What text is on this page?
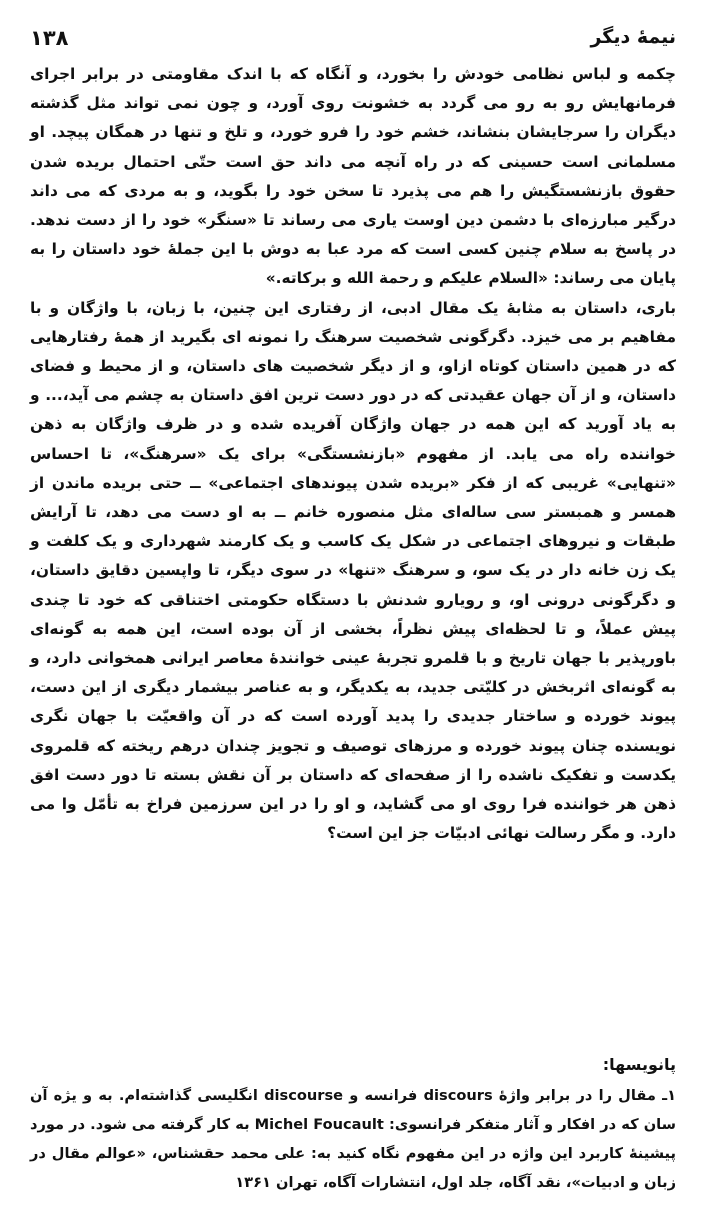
۱۳۸	نیمهٔ دیگر

چکمه و لباس نظامی خودش را بخورد، و آنگاه که با اندک مقاومتی در برابر اجرای فرمانهایش رو به رو می گردد به خشونت روی آورد، و چون نمی تواند مثل گذشته دیگران را سرجایشان بنشاند، خشم خود را فرو خورد، و تلخ و تنها در همگان پیچد. او مسلمانی است حسینی که در راه آنچه می داند حق است حتّی احتمال بریده شدن حقوق بازنشستگیش را هم می پذیرد تا سخن خود را بگوید، و به مردی که می داند درگیر مبارزه‌ای با دشمن دین اوست یاری می رساند تا «سنگر» خود را از دست ندهد. در پاسخ به سلام چنین کسی است که مرد عبا به دوش با این جملهٔ خود داستان را به پایان می رساند: «السلام علیکم و رحمة الله و برکاته.»

باری، داستان به مثابهٔ یک مقال ادبی، از رفتاری این چنین، با زبان، با واژگان و با مفاهیم بر می خیزد. دگرگونی شخصیت سرهنگ را نمونه ای بگیرید از همهٔ رفتارهایی که در همین داستان کوتاه ازاو، و از دیگر شخصیت های داستان، و از محیط و فضای داستان، و از آن جهان عقیدتی که در دور دست ترین افق داستان به چشم می آید،... و به یاد آورید که این همه در جهان واژگان آفریده شده و در ظرف واژگان به ذهن خواننده راه می یابد. از مفهوم «بازنشستگی» برای یک «سرهنگ»، تا احساس «تنهایی» غریبی که از فکر «بریده شدن پیوندهای اجتماعی» ــ حتی بریده ماندن از همسر و همبستر سی ساله‌ای مثل منصوره خانم ــ به او دست می دهد، تا آرایش طبقات و نیروهای اجتماعی در شکل یک کاسب و یک کارمند شهرداری و یک کلفت و یک زن خانه دار در یک سو، و سرهنگ «تنها» در سوی دیگر، تا واپسین دقایق داستان، و دگرگونی درونی او، و رویارو شدنش با دستگاه حکومتی اختناقی که خود تا چندی پیش عملاً، و تا لحظه‌ای پیش نظراً، بخشی از آن بوده است، این همه به گونه‌ای باورپذیر با جهان تاریخ و با قلمرو تجربهٔ عینی خوانندهٔ معاصر ایرانی همخوانی دارد، و به گونه‌ای اثربخش در کلیّتی جدید، به یکدیگر، و به عناصر بیشمار دیگری از این دست، پیوند خورده و ساختار جدیدی را پدید آورده است که در آن واقعیّت با جهان نگری نویسنده چنان پیوند خورده و مرزهای توصیف و تجویز چندان درهم ریخته که قلمروی یکدست و تفکیک ناشده را از صفحه‌ای که داستان بر آن نقش بسته تا دور دست افق ذهن هر خواننده فرا روی او می گشاید، و او را در این سرزمین فراخ به تأمّل وا می دارد. و مگر رسالت نهائی ادبیّات جز این است؟

پانویسها:

۱ـ مقال را در برابر واژهٔ discours فرانسه و discourse انگلیسی گذاشته‌ام. به و یژه آن سان که در افکار و آثار متفکر فرانسوی: Michel Foucault به کار گرفته می شود. در مورد پیشینهٔ کاربرد این واژه در این مفهوم نگاه کنید به: علی محمد حقشناس، «عوالم مقال در زبان و ادبیات»، نقد آگاه، جلد اول، انتشارات آگاه، تهران ۱۳۶۱
